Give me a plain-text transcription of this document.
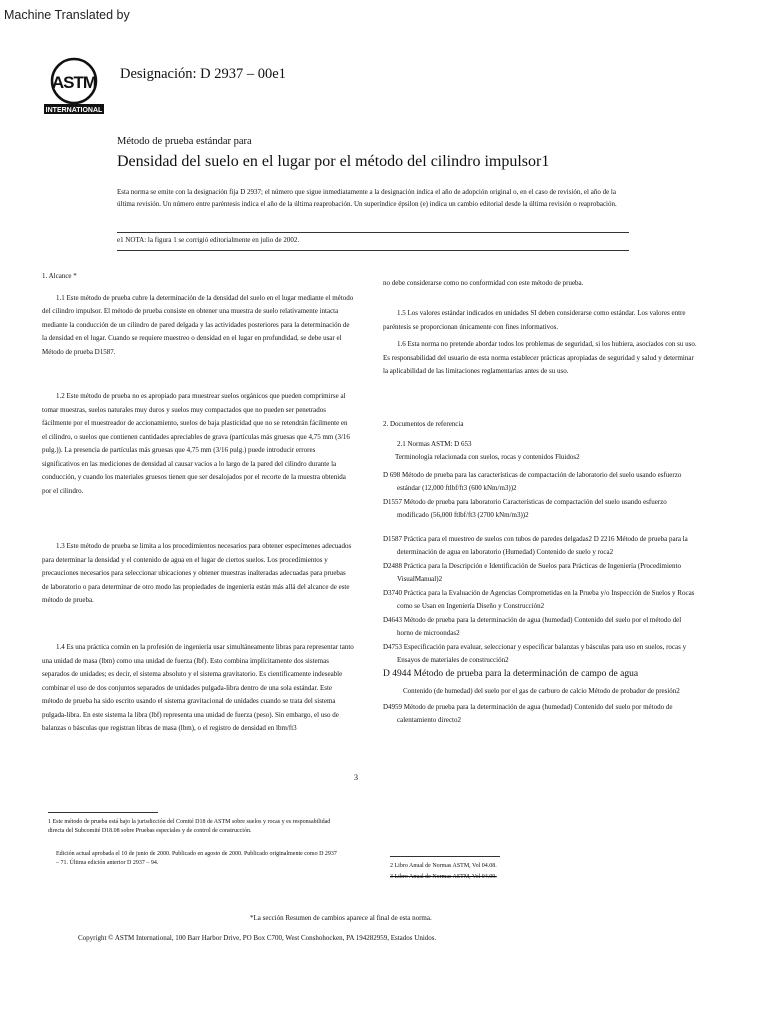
Machine Translated by
ASTM
INTERNATIONAL
Designación: D 2937 – 00e1
Método de prueba estándar para
Densidad del suelo en el lugar por el método del cilindro impulsor1
Esta norma se emite con la designación fija D 2937; el número que sigue inmediatamente a la designación indica el año de adopción original o, en el caso de revisión, el año de la última revisión. Un número entre paréntesis indica el año de la última reaprobación. Un superíndice épsilon (e) indica un cambio editorial desde la última revisión o reaprobación.
e1 NOTA: la figura 1 se corrigió editorialmente en julio de 2002.

1. Alcance *

1.1 Este método de prueba cubre la determinación de la densidad del suelo en el lugar mediante el método del cilindro impulsor. El método de prueba consiste en obtener una muestra de suelo relativamente intacta mediante la conducción de un cilindro de pared delgada y las actividades posteriores para la determinación de la densidad en el lugar. Cuando se requiere muestreo o densidad en el lugar en profundidad, se debe usar el Método de prueba D1587.

1.2 Este método de prueba no es apropiado para muestrear suelos orgánicos que pueden comprimirse al tomar muestras, suelos naturales muy duros y suelos muy compactados que no pueden ser penetrados fácilmente por el muestreador de accionamiento, suelos de baja plasticidad que no se retendrán fácilmente en el cilindro, o suelos que contienen cantidades apreciables de grava (partículas más gruesas que 4,75 mm (3/16 pulg.)). La presencia de partículas más gruesas que 4,75 mm (3/16 pulg.) puede introducir errores significativos en las mediciones de densidad al causar vacíos a lo largo de la pared del cilindro durante la conducción, y cuando los materiales gruesos tienen que ser desalojados por el recorte de la muestra obtenida por el cilindro.

1.3 Este método de prueba se limita a los procedimientos necesarios para obtener especímenes adecuados para determinar la densidad y el contenido de agua en el lugar de ciertos suelos. Los procedimientos y precauciones necesarios para seleccionar ubicaciones y obtener muestras inalteradas adecuadas para pruebas de laboratorio o para determinar de otro modo las propiedades de ingeniería están más allá del alcance de este método de prueba.

1.4 Es una práctica común en la profesión de ingeniería usar simultáneamente libras para representar tanto una unidad de masa (lbm) como una unidad de fuerza (lbf). Esto combina implícitamente dos sistemas separados de unidades; es decir, el sistema absoluto y el sistema gravitatorio. Es científicamente indeseable combinar el uso de dos conjuntos separados de unidades pulgada-libra dentro de una sola estándar. Este método de prueba ha sido escrito usando el sistema gravitacional de unidades cuando se trata del sistema pulgada-libra. En este sistema la libra (lbf) representa una unidad de fuerza (peso). Sin embargo, el uso de balanzas o básculas que registran libras de masa (lbm), o el registro de densidad en lbm/ft3

3

no debe considerarse como no conformidad con este método de prueba.

1.5 Los valores estándar indicados en unidades SI deben considerarse como estándar. Los valores entre paréntesis se proporcionan únicamente con fines informativos.

1.6 Esta norma no pretende abordar todos los problemas de seguridad, si los hubiera, asociados con su uso. Es responsabilidad del usuario de esta norma establecer prácticas apropiadas de seguridad y salud y determinar la aplicabilidad de las limitaciones reglamentarias antes de su uso.

2. Documentos de referencia

2.1 Normas ASTM: D 653

Terminología relacionada con suelos, rocas y contenidos Fluidos2

D 698 Método de prueba para las características de compactación de laboratorio del suelo usando esfuerzo estándar (12,000 ftlbf/ft3 (600 kNm/m3))2

D1557 Método de prueba para laboratorio Características de compactación del suelo usando esfuerzo modificado (56,000 ftlbf/ft3 (2700 kNm/m3))2

D1587 Práctica para el muestreo de suelos con tubos de paredes delgadas2 D 2216 Método de prueba para la determinación de agua en laboratorio (Humedad) Contenido de suelo y roca2

D2488 Práctica para la Descripción e Identificación de Suelos para Prácticas de Ingeniería (Procedimiento VisualManual)2

D3740 Práctica para la Evaluación de Agencias Comprometidas en la Prueba y/o Inspección de Suelos y Rocas como se Usan en Ingeniería Diseño y Construcción2

D4643 Método de prueba para la determinación de agua (humedad) Contenido del suelo por el método del horno de microondas2

D4753 Especificación para evaluar, seleccionar y especificar balanzas y básculas para uso en suelos, rocas y Ensayos de materiales de construcción2

D 4944 Método de prueba para la determinación de campo de agua

Contenido (de humedad) del suelo por el gas de carburo de calcio Método de probador de presión2

D4959 Método de prueba para la determinación de agua (humedad) Contenido del suelo por método de calentamiento directo2

1 Este método de prueba está bajo la jurisdicción del Comité D18 de ASTM sobre suelos y rocas y es responsabilidad directa del Subcomité D18.08 sobre Pruebas especiales y de control de construcción.
Edición actual aprobada el 10 de junio de 2000. Publicado en agosto de 2000. Publicado originalmente como D 2937 – 71. Última edición anterior D 2937 – 94.	2 Libro Anual de Normas ASTM, Vol 04.08.
3 Libro Anual de Normas ASTM, Vol 04.09.
*La sección Resumen de cambios aparece al final de esta norma.
Copyright © ASTM International, 100 Barr Harbor Drive, PO Box C700, West Conshohocken, PA 194282959, Estados Unidos.
